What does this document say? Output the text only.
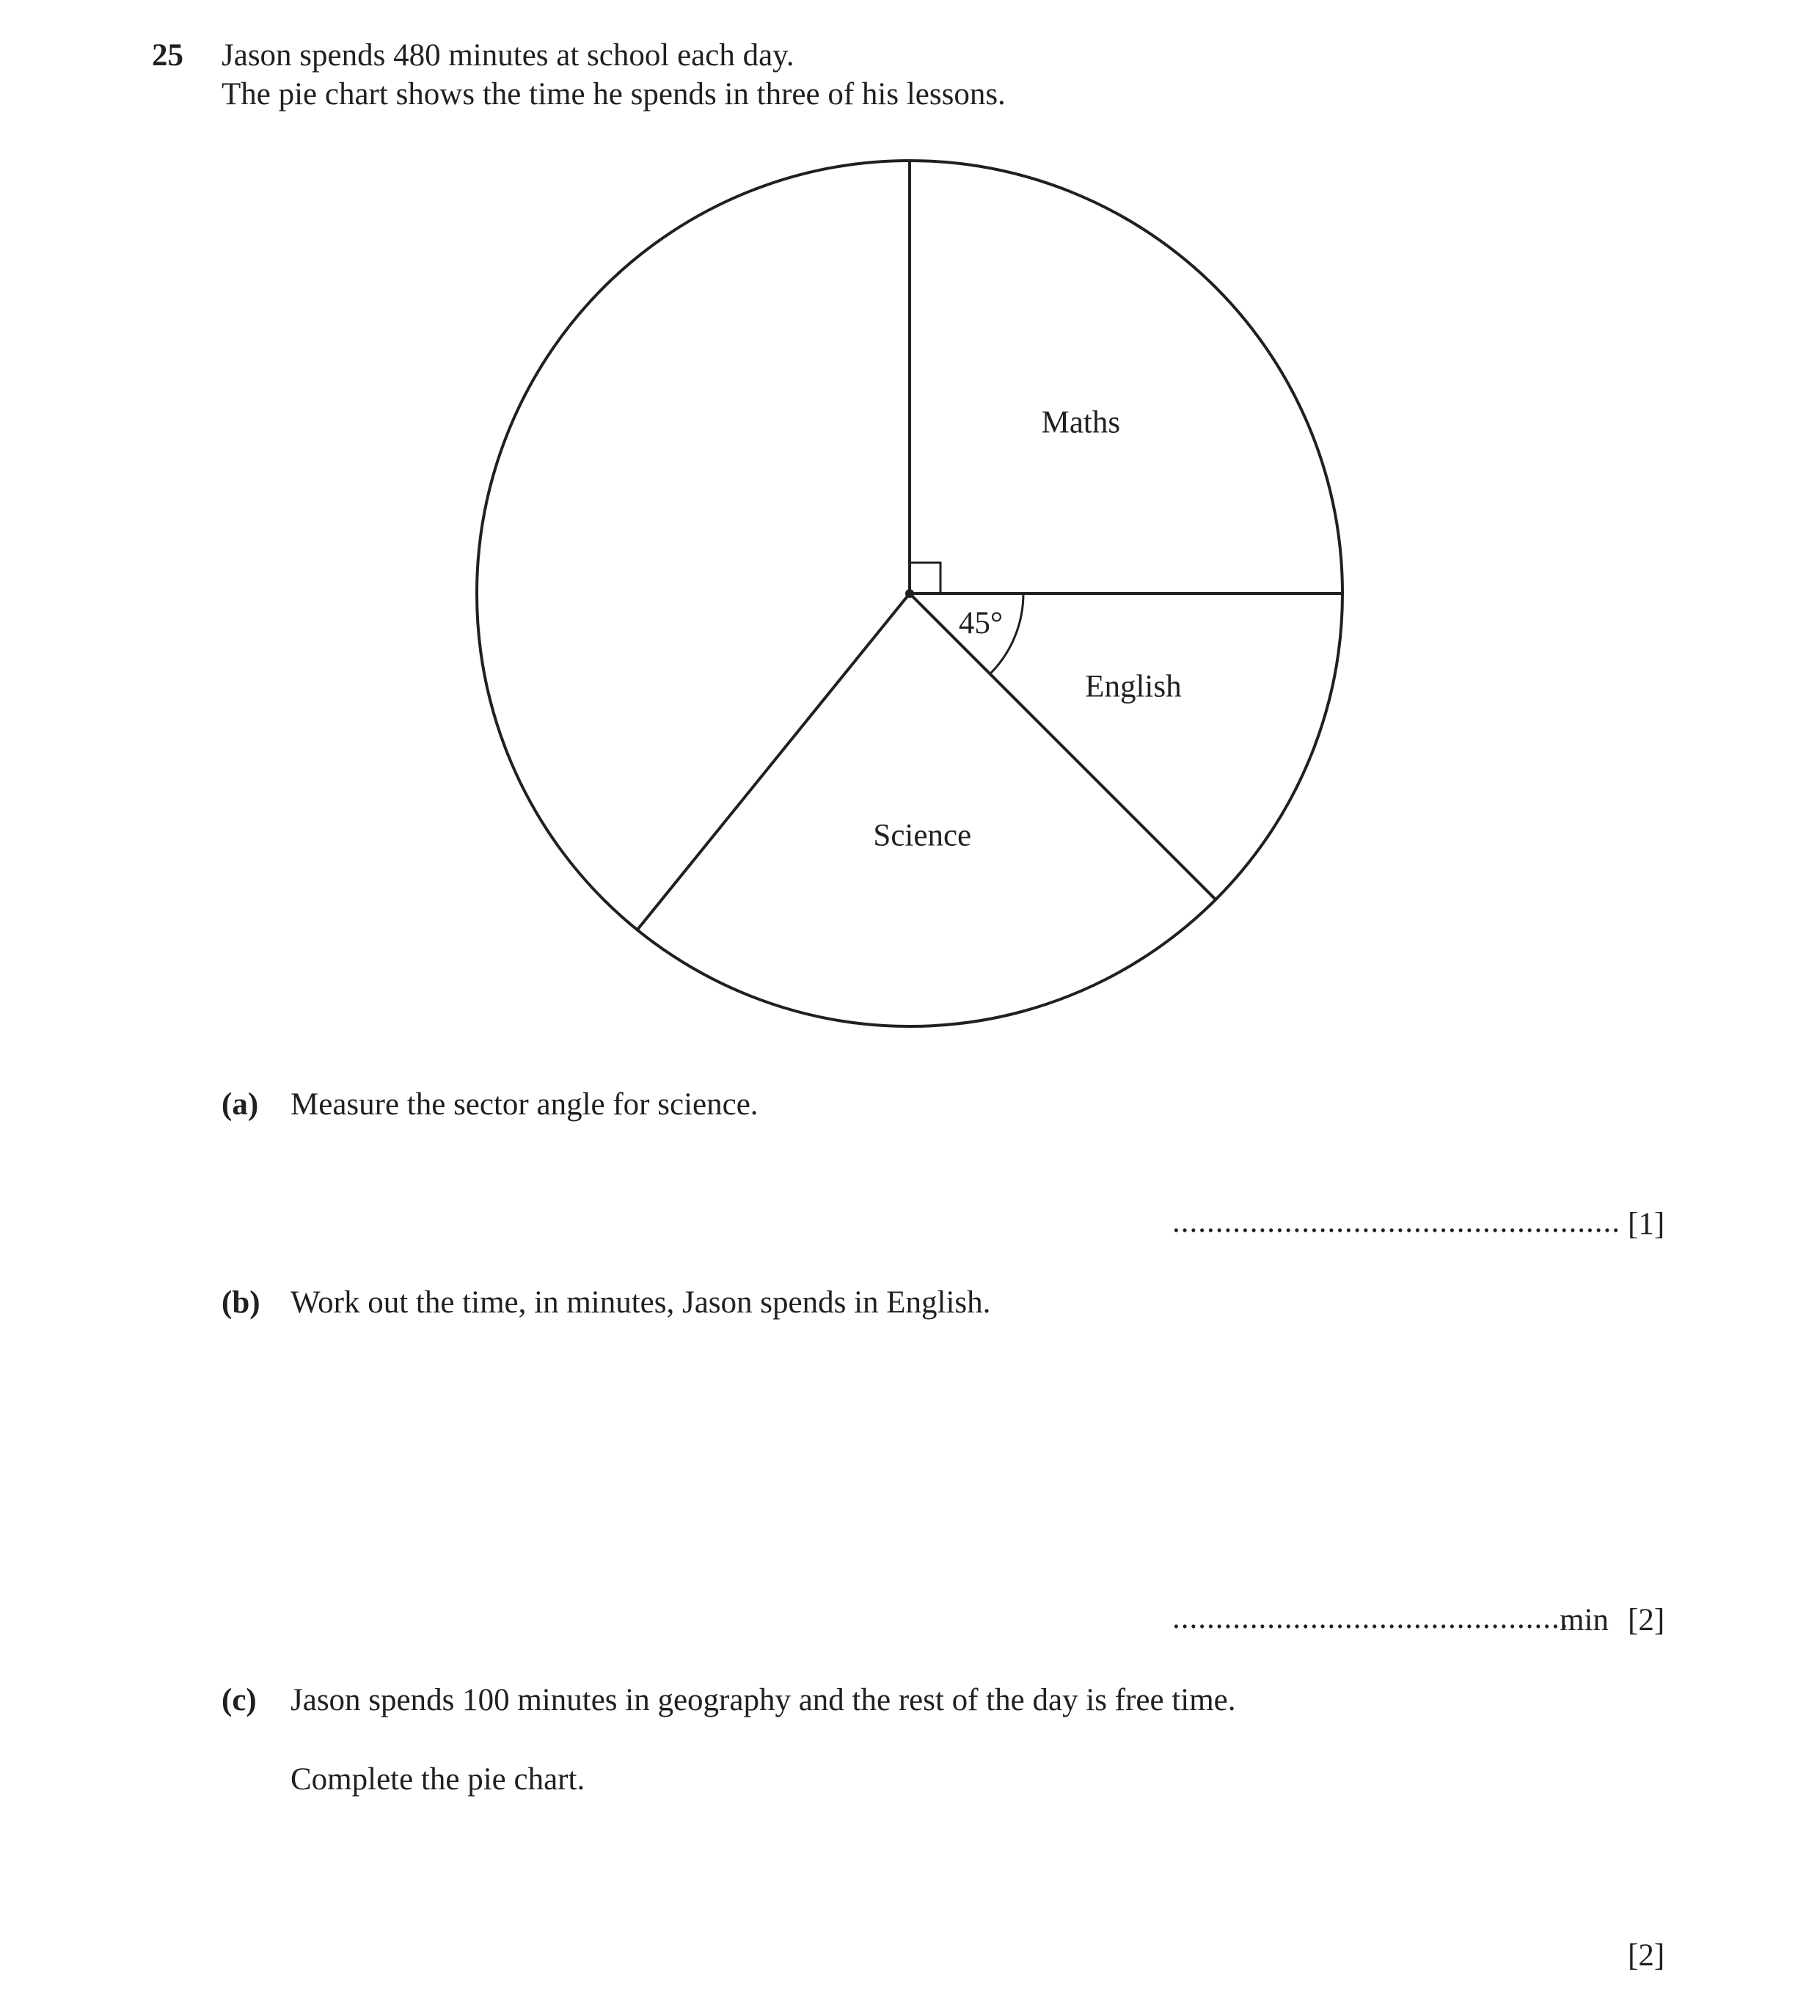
25 Jason spends 480 minutes at school each day.
The pie chart shows the time he spends in three of his lessons.
Maths
45°
English
Science
(a) Measure the sector angle for science.
.................................................... [1]
(b) Work out the time, in minutes, Jason spends in English.
..............................................
min [2]
(c) Jason spends 100 minutes in geography and the rest of the day is free time.
Complete the pie chart.
[2]
